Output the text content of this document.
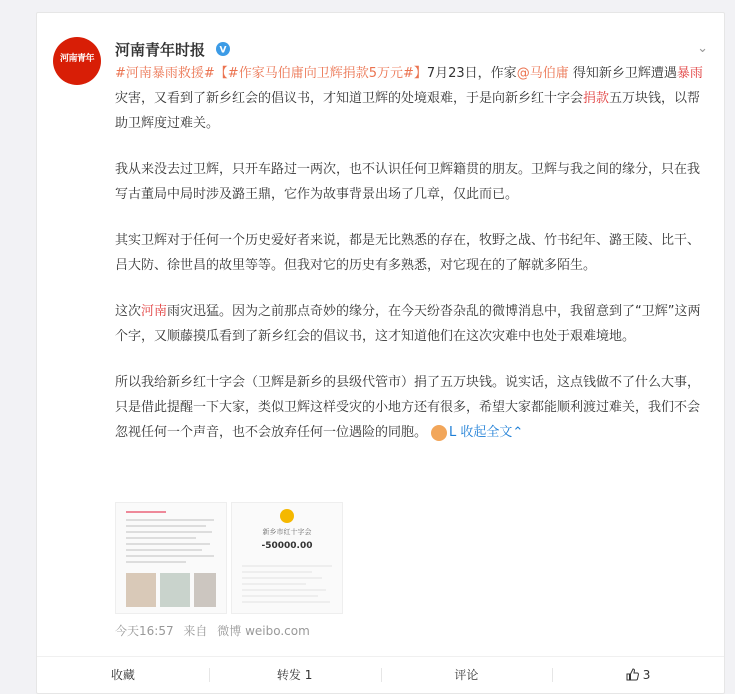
河南青年 河南青年时报 V	⌄

#河南暴雨救援#【#作家马伯庸向卫辉捐款5万元#】7月23日，作家@马伯庸 得知新乡卫辉遭遇暴雨灾害，又看到了新乡红会的倡议书，才知道卫辉的处境艰难，于是向新乡红十字会捐款五万块钱，以帮助卫辉度过难关。

我从来没去过卫辉，只开车路过一两次，也不认识任何卫辉籍贯的朋友。卫辉与我之间的缘分，只在我写古董局中局时涉及潞王鼎，它作为故事背景出场了几章，仅此而已。

其实卫辉对于任何一个历史爱好者来说，都是无比熟悉的存在，牧野之战、竹书纪年、潞王陵、比干、吕大防、徐世昌的故里等等。但我对它的历史有多熟悉，对它现在的了解就多陌生。

这次河南雨灾迅猛。因为之前那点奇妙的缘分，在今天纷沓杂乱的微博消息中，我留意到了“卫辉”这两个字，又顺藤摸瓜看到了新乡红会的倡议书，这才知道他们在这次灾难中也处于艰难境地。

所以我给新乡红十字会（卫辉是新乡的县级代管市）捐了五万块钱。说实话，这点钱做不了什么大事，只是借此提醒一下大家，类似卫辉这样受灾的小地方还有很多，希望大家都能顺利渡过难关，我们不会忽视任何一个声音，也不会放弃任何一位遇险的同胞。 L 收起全文⌃

新乡市红十字会
-50000.00
今天16:57 来自 微博 weibo.com
收藏	转发 1	评论	3
